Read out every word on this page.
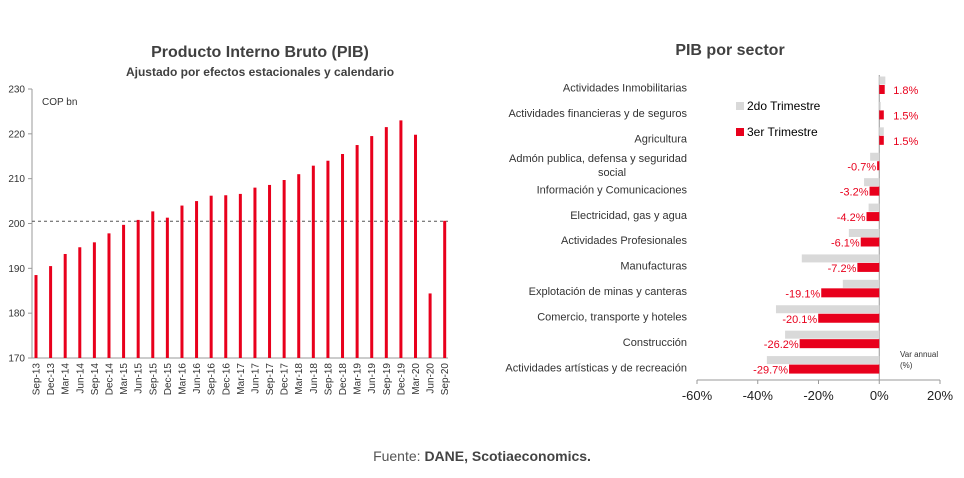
Producto Interno Bruto (PIB)
Ajustado por efectos estacionales y calendario
PIB por sector
170
180
190
200
210
220
230
COP bn
Sep-13 Dec-13 Mar-14 Jun-14 Sep-14 Dec-14 Mar-15 Jun-15 Sep-15 Dec-15 Mar-16 Jun-16 Sep-16 Dec-16 Mar-17 Jun-17 Sep-17 Dec-17 Mar-18 Jun-18 Sep-18 Dec-18 Mar-19 Jun-19 Sep-19 Dec-19 Mar-20 Jun-20 Sep-20
-60% -40% -20%	0%	20%
1.8%
Actividades Inmobilitarias
1.5%
Actividades financieras y de seguros
1.5%
Agricultura
-0.7%
Admón publica, defensa y seguridad
social
-3.2%
Información y Comunicaciones
-4.2%
Electricidad, gas y agua
-6.1%
Actividades Profesionales
-7.2%
Manufacturas
-19.1%
Explotación de minas y canteras
-20.1%
Comercio, transporte y hoteles
-26.2%
Construcción
-29.7%
Actividades artísticas y de recreación
2do Trimestre
3er Trimestre
Var annual
(%)
Fuente: DANE, Scotiaeconomics.
